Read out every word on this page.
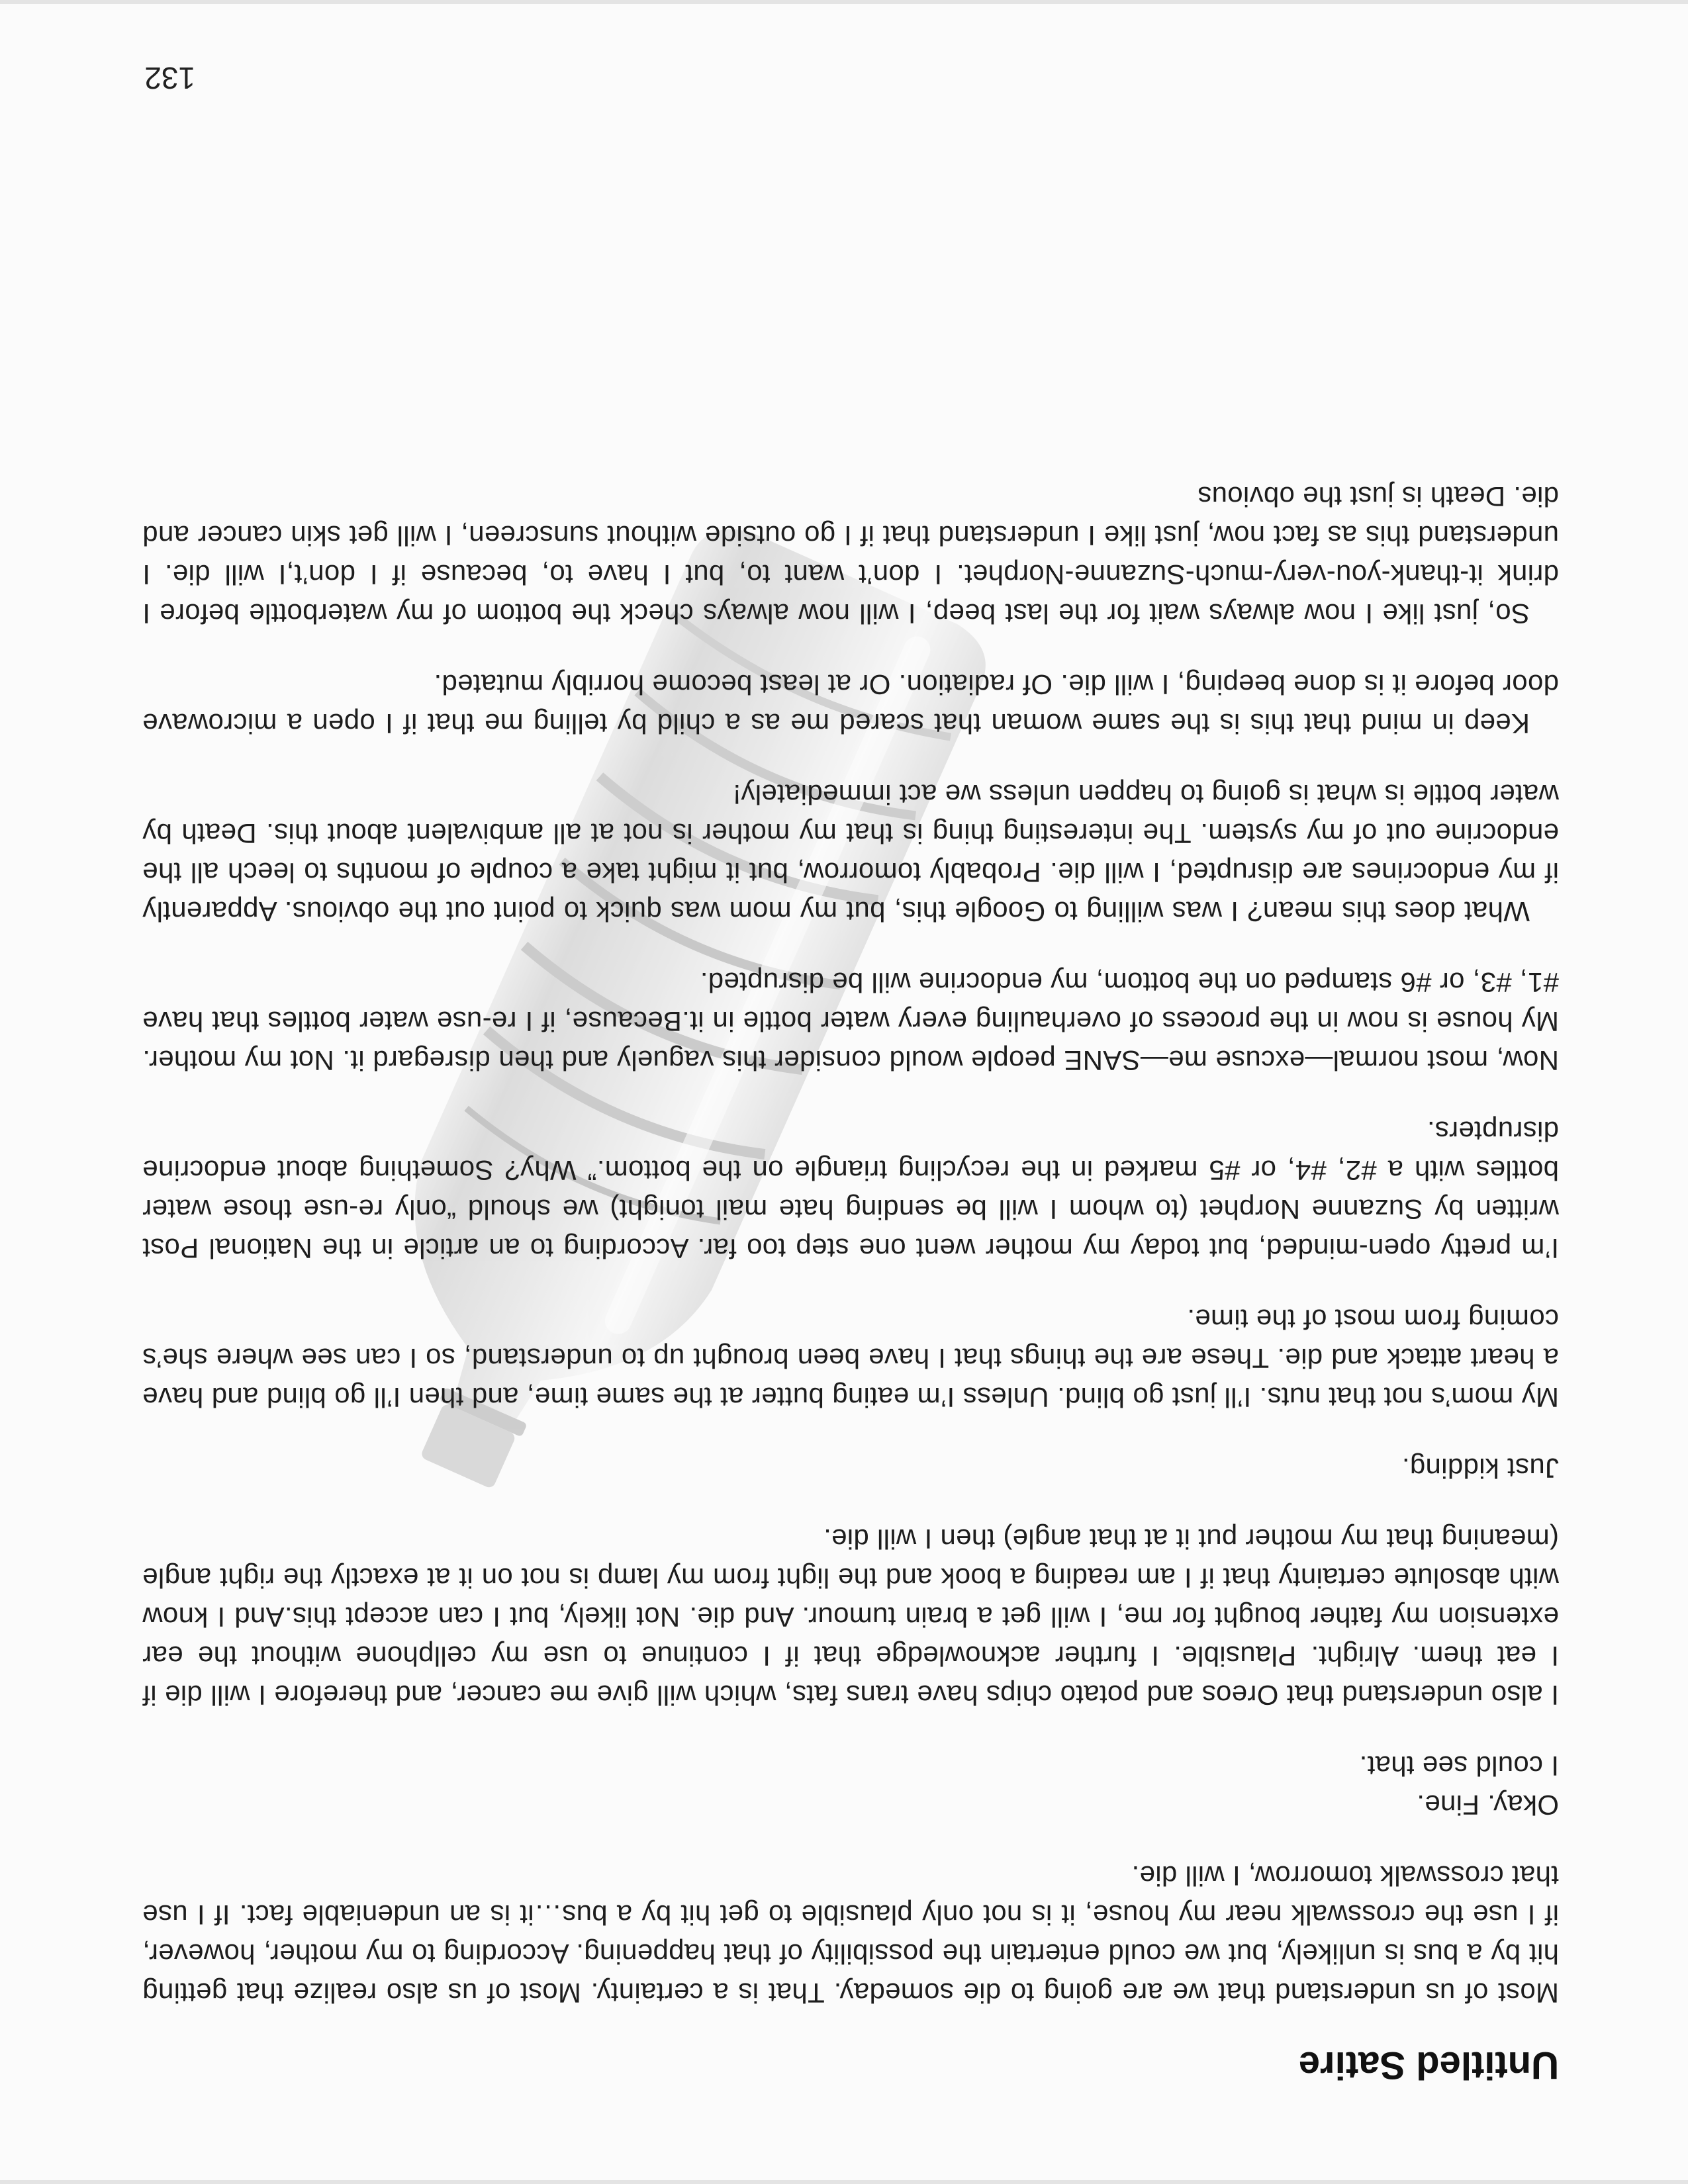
Untitled Satire

Most of us understand that we are going to die someday. That is a certainty. Most of us also realize that getting hit by a bus is unlikely, but we could entertain the possibility of that happening. According to my mother, however, if I use the crosswalk near my house, it is not only plausible to get hit by a bus…it is an undeniable fact. If I use that crosswalk tomorrow, I will die.

Okay. Fine.

I could see that.

I also understand that Oreos and potato chips have trans fats, which will give me cancer, and therefore I will die if I eat them. Alright. Plausible. I further acknowledge that if I continue to use my cellphone without the ear extension my father bought for me, I will get a brain tumour. And die. Not likely, but I can accept this.And I know with absolute certainty that if I am reading a book and the light from my lamp is not on it at exactly the right angle (meaning that my mother put it at that angle) then I will die.

Just kidding.

My mom’s not that nuts. I’ll just go blind. Unless I’m eating butter at the same time, and then I’ll go blind and have a heart attack and die. These are the things that I have been brought up to understand, so I can see where she’s coming from most of the time.

I’m pretty open-minded, but today my mother went one step too far. According to an article in the National Post written by Suzanne Norphet (to whom I will be sending hate mail tonight) we should “only re-use those water bottles with a #2, #4, or #5 marked in the recycling triangle on the bottom.” Why? Something about endocrine disrupters.

Now, most normal—excuse me—SANE people would consider this vaguely and then disregard it. Not my mother. My house is now in the process of overhauling every water bottle in it.Because, if I re-use water bottles that have #1, #3, or #6 stamped on the bottom, my endocrine will be disrupted.

What does this mean? I was willing to Google this, but my mom was quick to point out the obvious. Apparently if my endocrines are disrupted, I will die. Probably tomorrow, but it might take a couple of months to leech all the endocrine out of my system. The interesting thing is that my mother is not at all ambivalent about this. Death by water bottle is what is going to happen unless we act immediately!

Keep in mind that this is the same woman that scared me as a child by telling me that if I open a microwave door before it is done beeping, I will die. Of radiation. Or at least become horribly mutated.

So, just like I now always wait for the last beep, I will now always check the bottom of my waterbottle before I drink it-thank-you-very-much-Suzanne-Norphet. I don’t want to, but I have to, because if I don’t,I will die. I understand this as fact now, just like I understand that if I go outside without sunscreen, I will get skin cancer and die. Death is just the obvious

132
